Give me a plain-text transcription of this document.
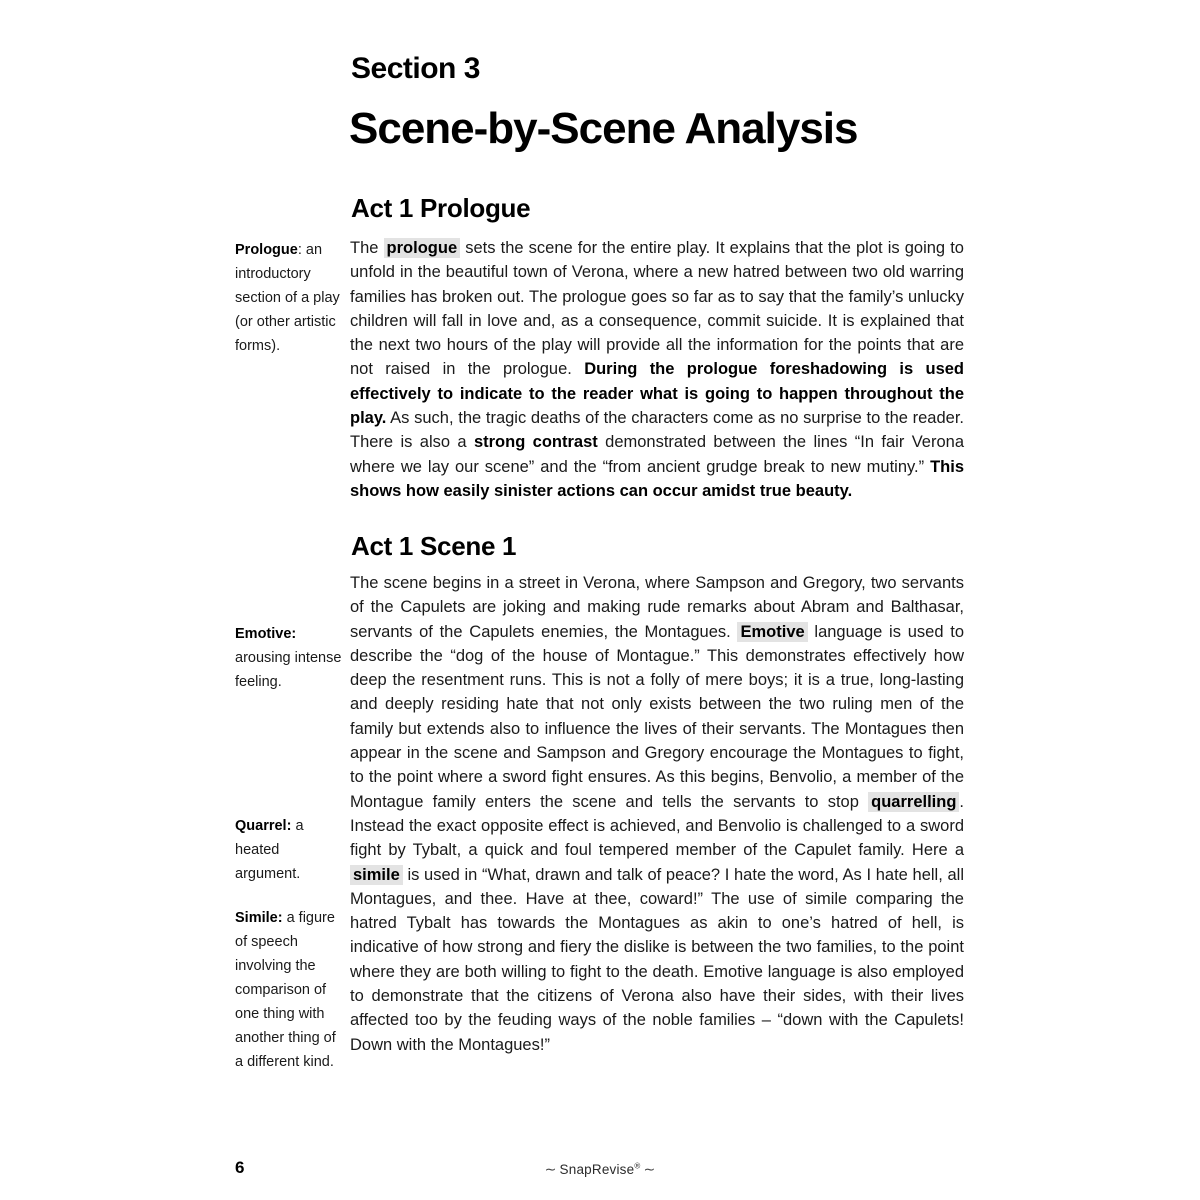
Section 3
Scene-by-Scene Analysis
Act 1 Prologue

The prologue sets the scene for the entire play. It explains that the plot is going to unfold in the beautiful town of Verona, where a new hatred between two old warring families has broken out. The prologue goes so far as to say that the family’s unlucky children will fall in love and, as a consequence, commit suicide. It is explained that the next two hours of the play will provide all the information for the points that are not raised in the prologue. During the prologue foreshadowing is used effectively to indicate to the reader what is going to happen throughout the play. As such, the tragic deaths of the characters come as no surprise to the reader. There is also a strong contrast demonstrated between the lines “In fair Verona where we lay our scene” and the “from ancient grudge break to new mutiny.” This shows how easily sinister actions can occur amidst true beauty.

Act 1 Scene 1

The scene begins in a street in Verona, where Sampson and Gregory, two servants of the Capulets are joking and making rude remarks about Abram and Balthasar, servants of the Capulets enemies, the Montagues. Emotive language is used to describe the “dog of the house of Montague.” This demonstrates effectively how deep the resentment runs. This is not a folly of mere boys; it is a true, long-lasting and deeply residing hate that not only exists between the two ruling men of the family but extends also to influence the lives of their servants. The Montagues then appear in the scene and Sampson and Gregory encourage the Montagues to fight, to the point where a sword fight ensures. As this begins, Benvolio, a member of the Montague family enters the scene and tells the servants to stop quarrelling . Instead the exact opposite effect is achieved, and Benvolio is challenged to a sword fight by Tybalt, a quick and foul tempered member of the Capulet family. Here a simile is used in “What, drawn and talk of peace? I hate the word, As I hate hell, all Montagues, and thee. Have at thee, coward!” The use of simile comparing the hatred Tybalt has towards the Montagues as akin to one’s hatred of hell, is indicative of how strong and fiery the dislike is between the two families, to the point where they are both willing to fight to the death. Emotive language is also employed to demonstrate that the citizens of Verona also have their sides, with their lives affected too by the feuding ways of the noble families – “down with the Capulets! Down with the Montagues!”

Prologue: an introductory section of a play (or other artistic forms).
Emotive: arousing intense feeling.
Quarrel: a heated argument.
Simile: a figure of speech involving the comparison of one thing with another thing of a different kind.
6	∼ SnapRevise® ∼
